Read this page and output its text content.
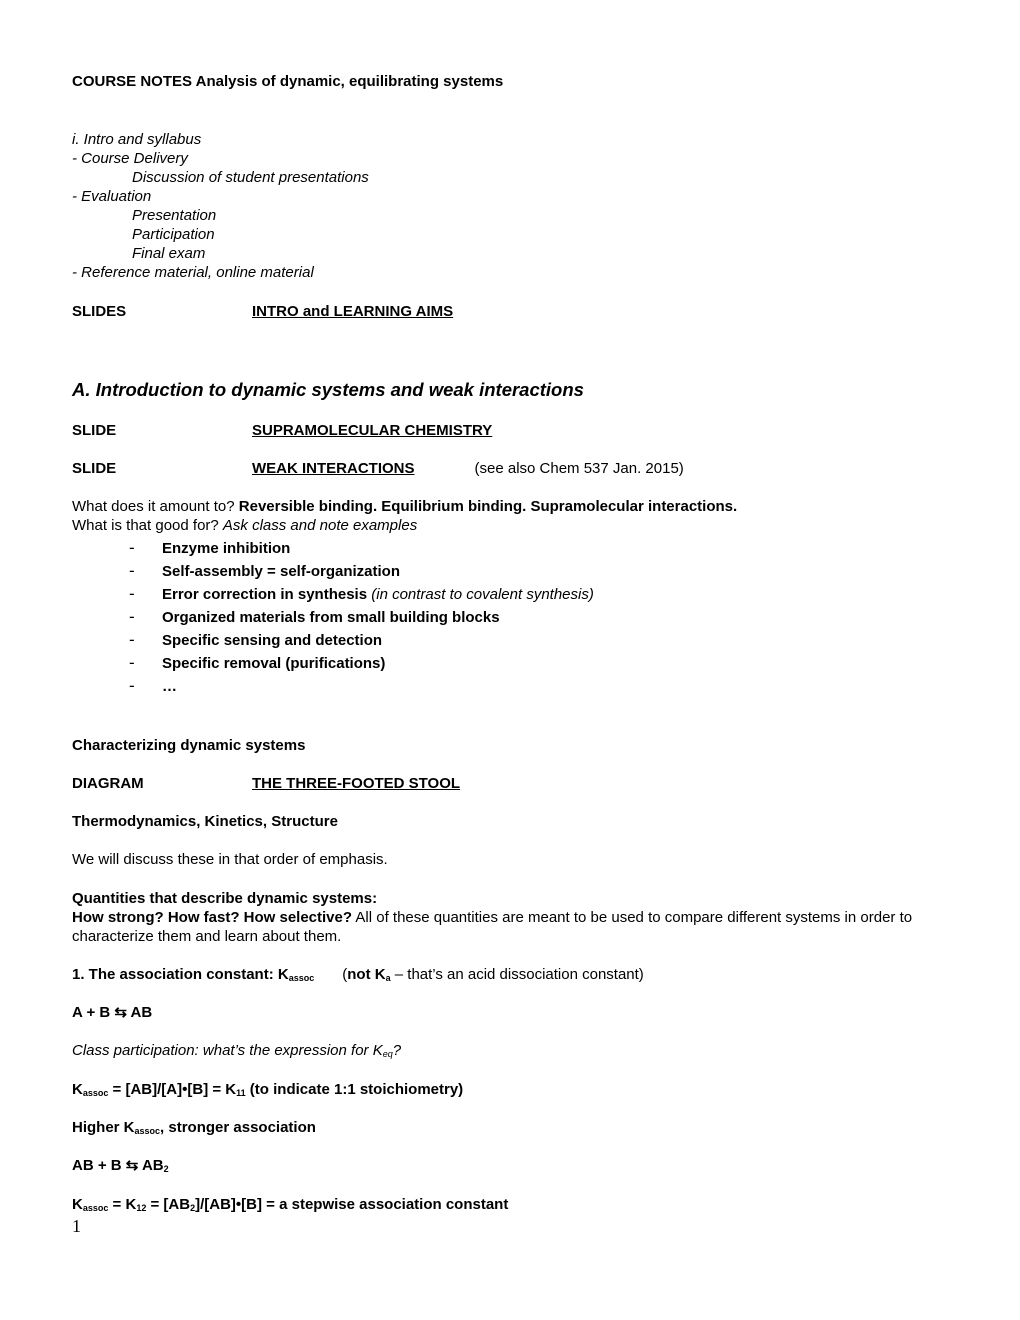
COURSE NOTES Analysis of dynamic, equilibrating systems
i. Intro and syllabus
- Course Delivery
Discussion of student presentations
- Evaluation
Presentation
Participation
Final exam
- Reference material, online material
SLIDES	INTRO and LEARNING AIMS
A. Introduction to dynamic systems and weak interactions
SLIDE	SUPRAMOLECULAR CHEMISTRY
SLIDE	WEAK INTERACTIONS	(see also Chem 537 Jan. 2015)
What does it amount to? Reversible binding. Equilibrium binding. Supramolecular interactions.
What is that good for? Ask class and note examples
- Enzyme inhibition
- Self-assembly = self-organization
- Error correction in synthesis (in contrast to covalent synthesis)
- Organized materials from small building blocks
- Specific sensing and detection
- Specific removal (purifications)
- …
Characterizing dynamic systems
DIAGRAM	THE THREE-FOOTED STOOL
Thermodynamics, Kinetics, Structure
We will discuss these in that order of emphasis.
Quantities that describe dynamic systems:
How strong? How fast? How selective? All of these quantities are meant to be used to compare different systems in order to characterize them and learn about them.
1. The association constant: $K_{assoc}$ (not $K_a$ – that’s an acid dissociation constant)
A + B ⇆ AB
Class participation: what’s the expression for $K_{eq}$?
$K_{assoc}$ = [AB]/[A]•[B] = $K_{11}$ (to indicate 1:1 stoichiometry)
Higher $K_{assoc}$, stronger association
AB + B ⇆ $AB_2$
$K_{assoc} = K_{12}$ = $[AB_2]/[AB]•[B] = a$ stepwise association constant
1
